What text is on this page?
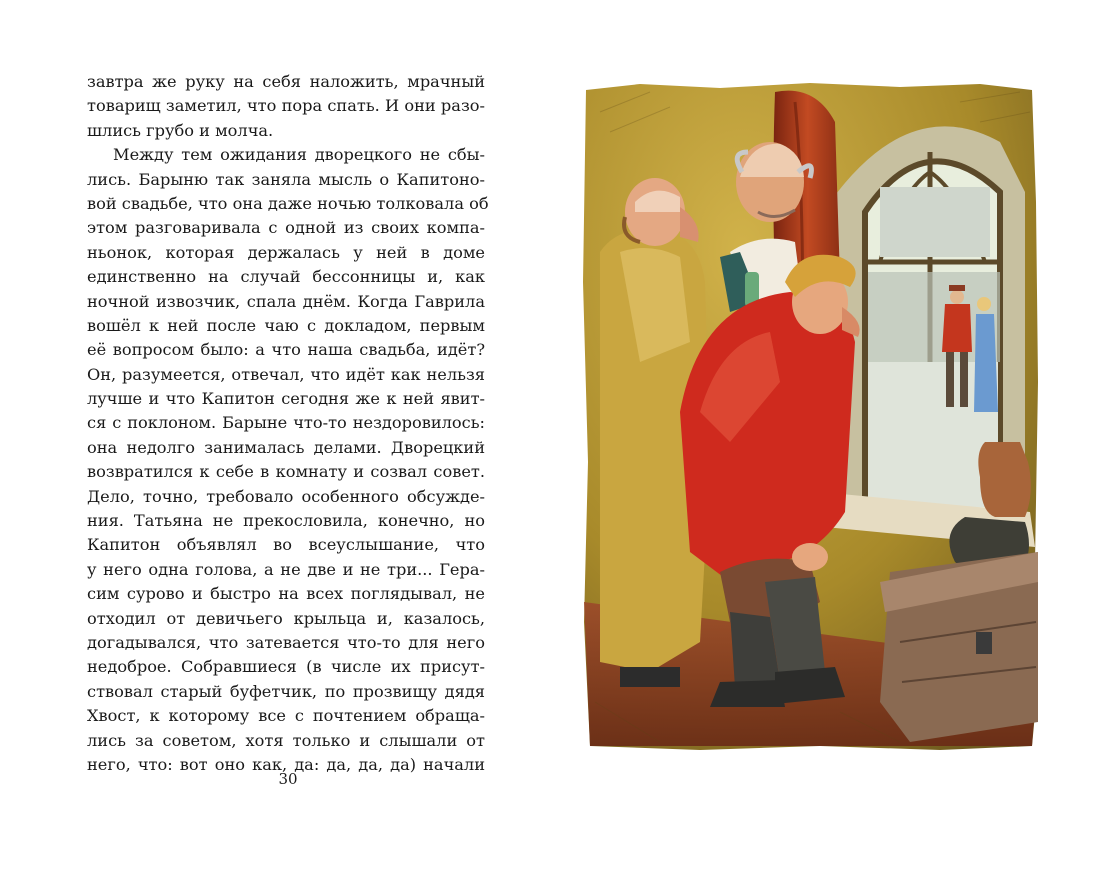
завтра же руку на себя наложить, мрачный
товарищ заметил, что пора спать. И они разо-
шлись грубо и молча.
Между тем ожидания дворецкого не сбы-
лись. Барыню так заняла мысль о Капитоно-
вой свадьбе, что она даже ночью толковала об
этом разговаривала с одной из своих компа-
ньонок, которая держалась у ней в доме
единственно на случай бессонницы и, как
ночной извозчик, спала днём. Когда Гаврила
вошёл к ней после чаю с докладом, первым
её вопросом было: а что наша свадьба, идёт?
Он, разумеется, отвечал, что идёт как нельзя
лучше и что Капитон сегодня же к ней явит-
ся с поклоном. Барыне что-то нездоровилось:
она недолго занималась делами. Дворецкий
возвратился к себе в комнату и созвал совет.
Дело, точно, требовало особенного обсужде-
ния. Татьяна не прекословила, конечно, но
Капитон объявлял во всеуслышание, что
у него одна голова, а не две и не три... Гера-
сим сурово и быстро на всех поглядывал, не
отходил от девичьего крыльца и, казалось,
догадывался, что затевается что-то для него
недоброе. Собравшиеся (в числе их присут-
ствовал старый буфетчик, по прозвищу дядя
Хвост, к которому все с почтением обраща-
лись за советом, хотя только и слышали от
него, что: вот оно как, да: да, да, да) начали
30
